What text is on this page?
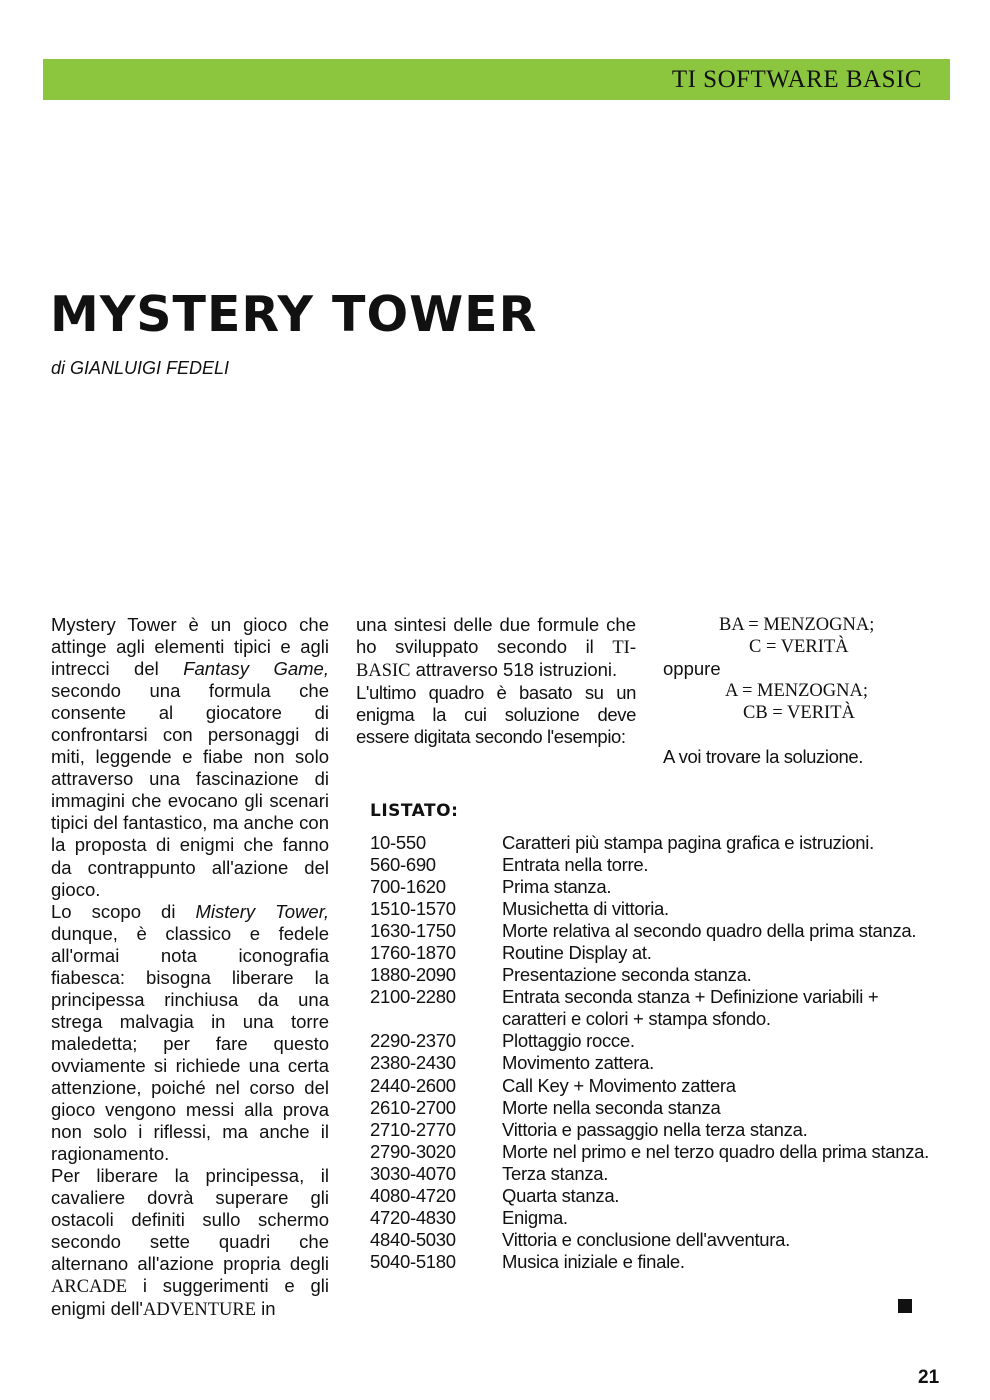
TI SOFTWARE BASIC
MYSTERY TOWER
di GIANLUIGI FEDELI

Mystery Tower è un gioco che attinge agli elementi tipici e agli intrecci del Fantasy Game, secondo una formula che consente al giocatore di confrontarsi con personaggi di miti, leggende e fiabe non solo attraverso una fascinazione di immagini che evocano gli scenari tipici del fantastico, ma anche con la proposta di enigmi che fanno da contrappunto all'azione del gioco.

Lo scopo di Mistery Tower, dunque, è classico e fedele all'ormai nota iconografia fiabesca: bisogna liberare la principessa rinchiusa da una strega malvagia in una torre maledetta; per fare questo ovviamente si richiede una certa attenzione, poiché nel corso del gioco vengono messi alla prova non solo i riflessi, ma anche il ragionamento.

Per liberare la principessa, il cavaliere dovrà superare gli ostacoli definiti sullo schermo secondo sette quadri che alternano all'azione propria degli ARCADE i suggerimenti e gli enigmi dell'ADVENTURE in

una sintesi delle due formule che ho sviluppato secondo il TI-BASIC attraverso 518 istruzioni.

L'ultimo quadro è basato su un enigma la cui soluzione deve essere digitata secondo l'esempio:

BA = MENZOGNA;
C = VERITÀ
oppure
A = MENZOGNA;
CB = VERITÀ
A voi trovare la soluzione.
LISTATO:
10-550	Caratteri più stampa pagina grafica e istruzioni.
560-690	Entrata nella torre.
700-1620	Prima stanza.
1510-1570	Musichetta di vittoria.
1630-1750	Morte relativa al secondo quadro della prima stanza.
1760-1870	Routine Display at.
1880-2090	Presentazione seconda stanza.
2100-2280	Entrata seconda stanza + Definizione variabili + caratteri e colori + stampa sfondo.
2290-2370	Plottaggio rocce.
2380-2430	Movimento zattera.
2440-2600	Call Key + Movimento zattera
2610-2700	Morte nella seconda stanza
2710-2770	Vittoria e passaggio nella terza stanza.
2790-3020	Morte nel primo e nel terzo quadro della prima stanza.
3030-4070	Terza stanza.
4080-4720	Quarta stanza.
4720-4830	Enigma.
4840-5030	Vittoria e conclusione dell'avventura.
5040-5180	Musica iniziale e finale.
21
